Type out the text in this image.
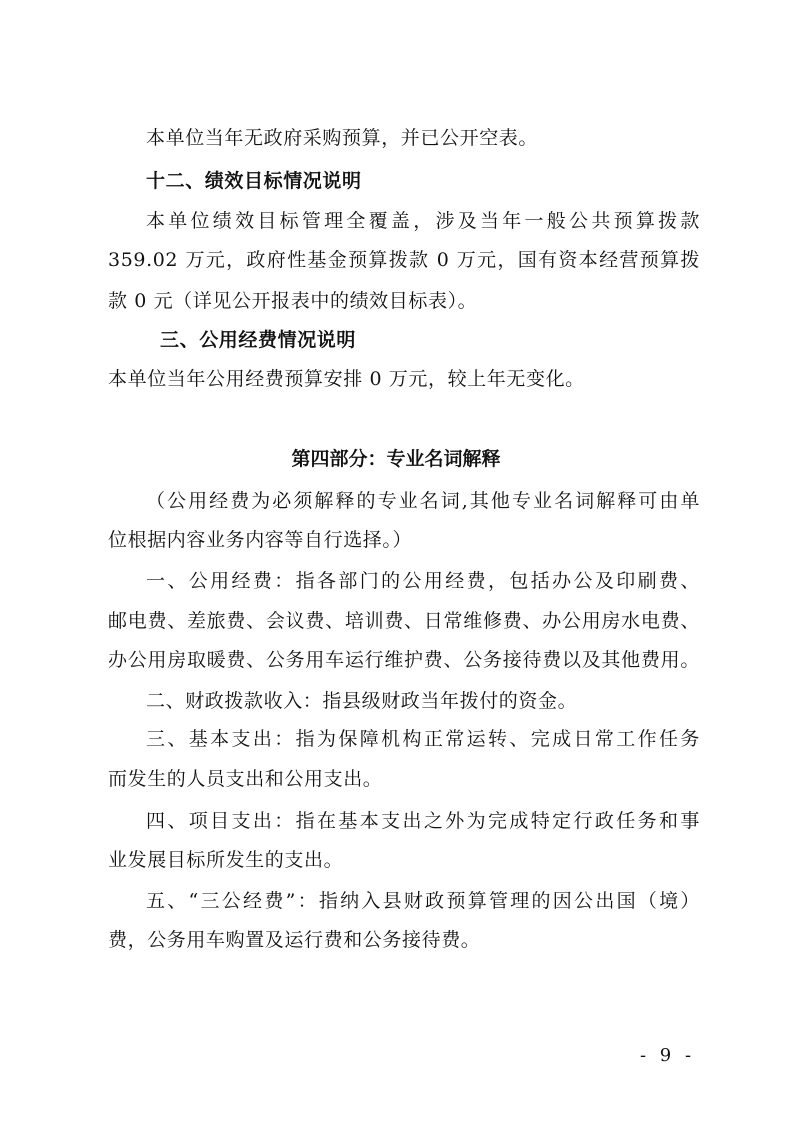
本单位当年无政府采购预算，并已公开空表。
十二、绩效目标情况说明
本单位绩效目标管理全覆盖，涉及当年一般公共预算拨款
359.02 万元，政府性基金预算拨款 0 万元，国有资本经营预算拨
款 0 元（详见公开报表中的绩效目标表）。
三、公用经费情况说明
本单位当年公用经费预算安排 0 万元，较上年无变化。
第四部分：专业名词解释
（公用经费为必须解释的专业名词,其他专业名词解释可由单
位根据内容业务内容等自行选择。）
一、公用经费：指各部门的公用经费，包括办公及印刷费、
邮电费、差旅费、会议费、培训费、日常维修费、办公用房水电费、
办公用房取暖费、公务用车运行维护费、公务接待费以及其他费用。
二、财政拨款收入：指县级财政当年拨付的资金。
三、基本支出：指为保障机构正常运转、完成日常工作任务
而发生的人员支出和公用支出。
四、项目支出：指在基本支出之外为完成特定行政任务和事
业发展目标所发生的支出。
五、“三公经费”：指纳入县财政预算管理的因公出国（境）
费，公务用车购置及运行费和公务接待费。
- 9 -
